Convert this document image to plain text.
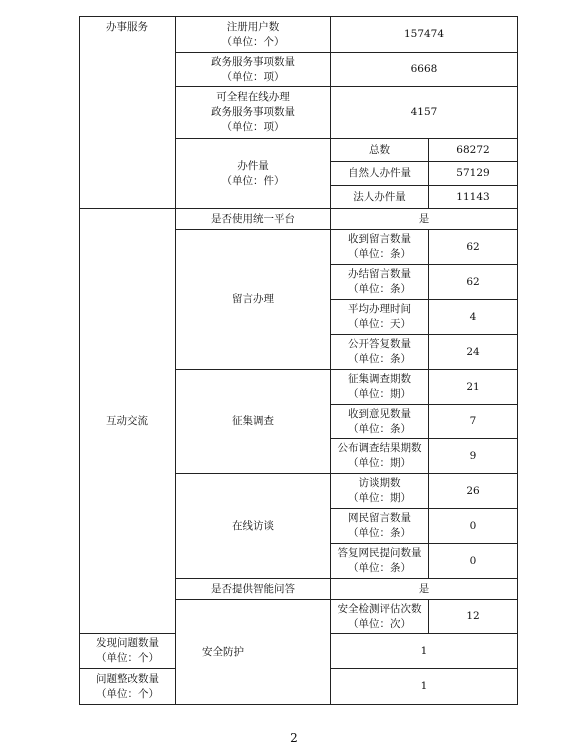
办事服务	注册用户数
（单位：个）	157474	

	政务服务事项数量
（单位：项）	6668	

	可全程在线办理
政务服务事项数量
（单位：项）	4157	

	办件量
（单位：件）	总数	68272
		自然人办件量	57129
		法人办件量	11143
互动交流	是否使用统一平台	是	
	留言办理	收到留言数量
（单位：条）	62

		办结留言数量
（单位：条）	62

		平均办理时间
（单位：天）	4

		公开答复数量
（单位：条）	24
	征集调查	征集调查期数
（单位：期）	21

		收到意见数量
（单位：条）	7

		公布调查结果期数
（单位：期）	9
	在线访谈	访谈期数
（单位：期）	26

		网民留言数量
（单位：条）	0

		答复网民提问数量
（单位：条）	0
	是否提供智能问答	是	
	安全防护	安全检测评估次数
（单位：次）	12

发现问题数量
（单位：个）		1	

问题整改数量
（单位：个）		1	
2
